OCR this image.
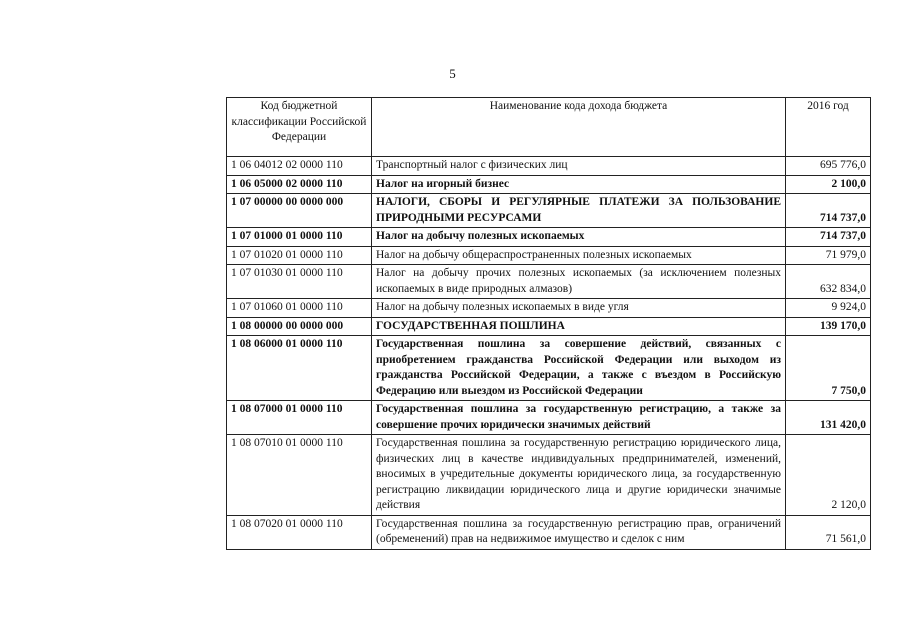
5
Код бюджетной классификации Российской Федерации	Наименование кода дохода бюджета	2016 год
1 06 04012 02 0000 110	Транспортный налог с физических лиц	695 776,0
1 06 05000 02 0000 110	Налог на игорный бизнес	2 100,0
1 07 00000 00 0000 000	НАЛОГИ, СБОРЫ И РЕГУЛЯРНЫЕ ПЛАТЕЖИ ЗА ПОЛЬЗОВАНИЕ ПРИРОДНЫМИ РЕСУРСАМИ	714 737,0
1 07 01000 01 0000 110	Налог на добычу полезных ископаемых	714 737,0
1 07 01020 01 0000 110	Налог на добычу общераспространенных полезных ископаемых	71 979,0
1 07 01030 01 0000 110	Налог на добычу прочих полезных ископаемых (за исключением полезных ископаемых в виде природных алмазов)	632 834,0
1 07 01060 01 0000 110	Налог на добычу полезных ископаемых в виде угля	9 924,0
1 08 00000 00 0000 000	ГОСУДАРСТВЕННАЯ ПОШЛИНА	139 170,0
1 08 06000 01 0000 110	Государственная пошлина за совершение действий, связанных с приобретением гражданства Российской Федерации или выходом из гражданства Российской Федерации, а также с въездом в Российскую Федерацию или выездом из Российской Федерации	7 750,0
1 08 07000 01 0000 110	Государственная пошлина за государственную регистрацию, а также за совершение прочих юридически значимых действий	131 420,0
1 08 07010 01 0000 110	Государственная пошлина за государственную регистрацию юридического лица, физических лиц в качестве индивидуальных предпринимателей, изменений, вносимых в учредительные документы юридического лица, за государственную регистрацию ликвидации юридического лица и другие юридически значимые действия	2 120,0
1 08 07020 01 0000 110	Государственная пошлина за государственную регистрацию прав, ограничений (обременений) прав на недвижимое имущество и сделок с ним	71 561,0
